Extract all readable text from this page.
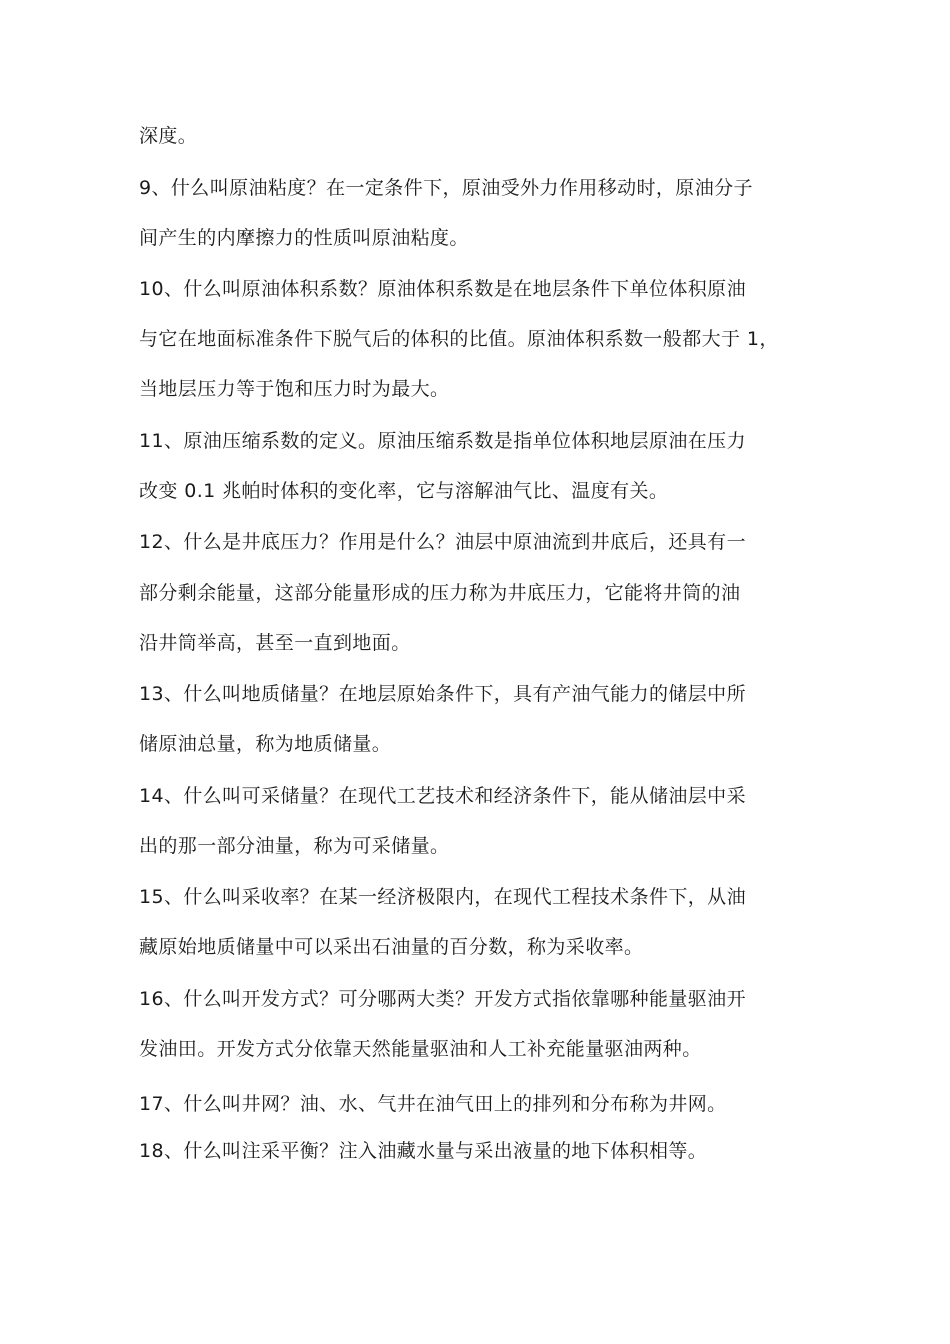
深度。
9、什么叫原油粘度？在一定条件下，原油受外力作用移动时，原油分子
间产生的内摩擦力的性质叫原油粘度。
10、什么叫原油体积系数？原油体积系数是在地层条件下单位体积原油
与它在地面标准条件下脱气后的体积的比值。原油体积系数一般都大于 1，
当地层压力等于饱和压力时为最大。
11、原油压缩系数的定义。原油压缩系数是指单位体积地层原油在压力
改变 0.1 兆帕时体积的变化率，它与溶解油气比、温度有关。
12、什么是井底压力？作用是什么？油层中原油流到井底后，还具有一
部分剩余能量，这部分能量形成的压力称为井底压力，它能将井筒的油
沿井筒举高，甚至一直到地面。
13、什么叫地质储量？在地层原始条件下，具有产油气能力的储层中所
储原油总量，称为地质储量。
14、什么叫可采储量？在现代工艺技术和经济条件下，能从储油层中采
出的那一部分油量，称为可采储量。
15、什么叫采收率？在某一经济极限内，在现代工程技术条件下，从油
藏原始地质储量中可以采出石油量的百分数，称为采收率。
16、什么叫开发方式？可分哪两大类？开发方式指依靠哪种能量驱油开
发油田。开发方式分依靠天然能量驱油和人工补充能量驱油两种。
17、什么叫井网？油、水、气井在油气田上的排列和分布称为井网。
18、什么叫注采平衡？注入油藏水量与采出液量的地下体积相等。
